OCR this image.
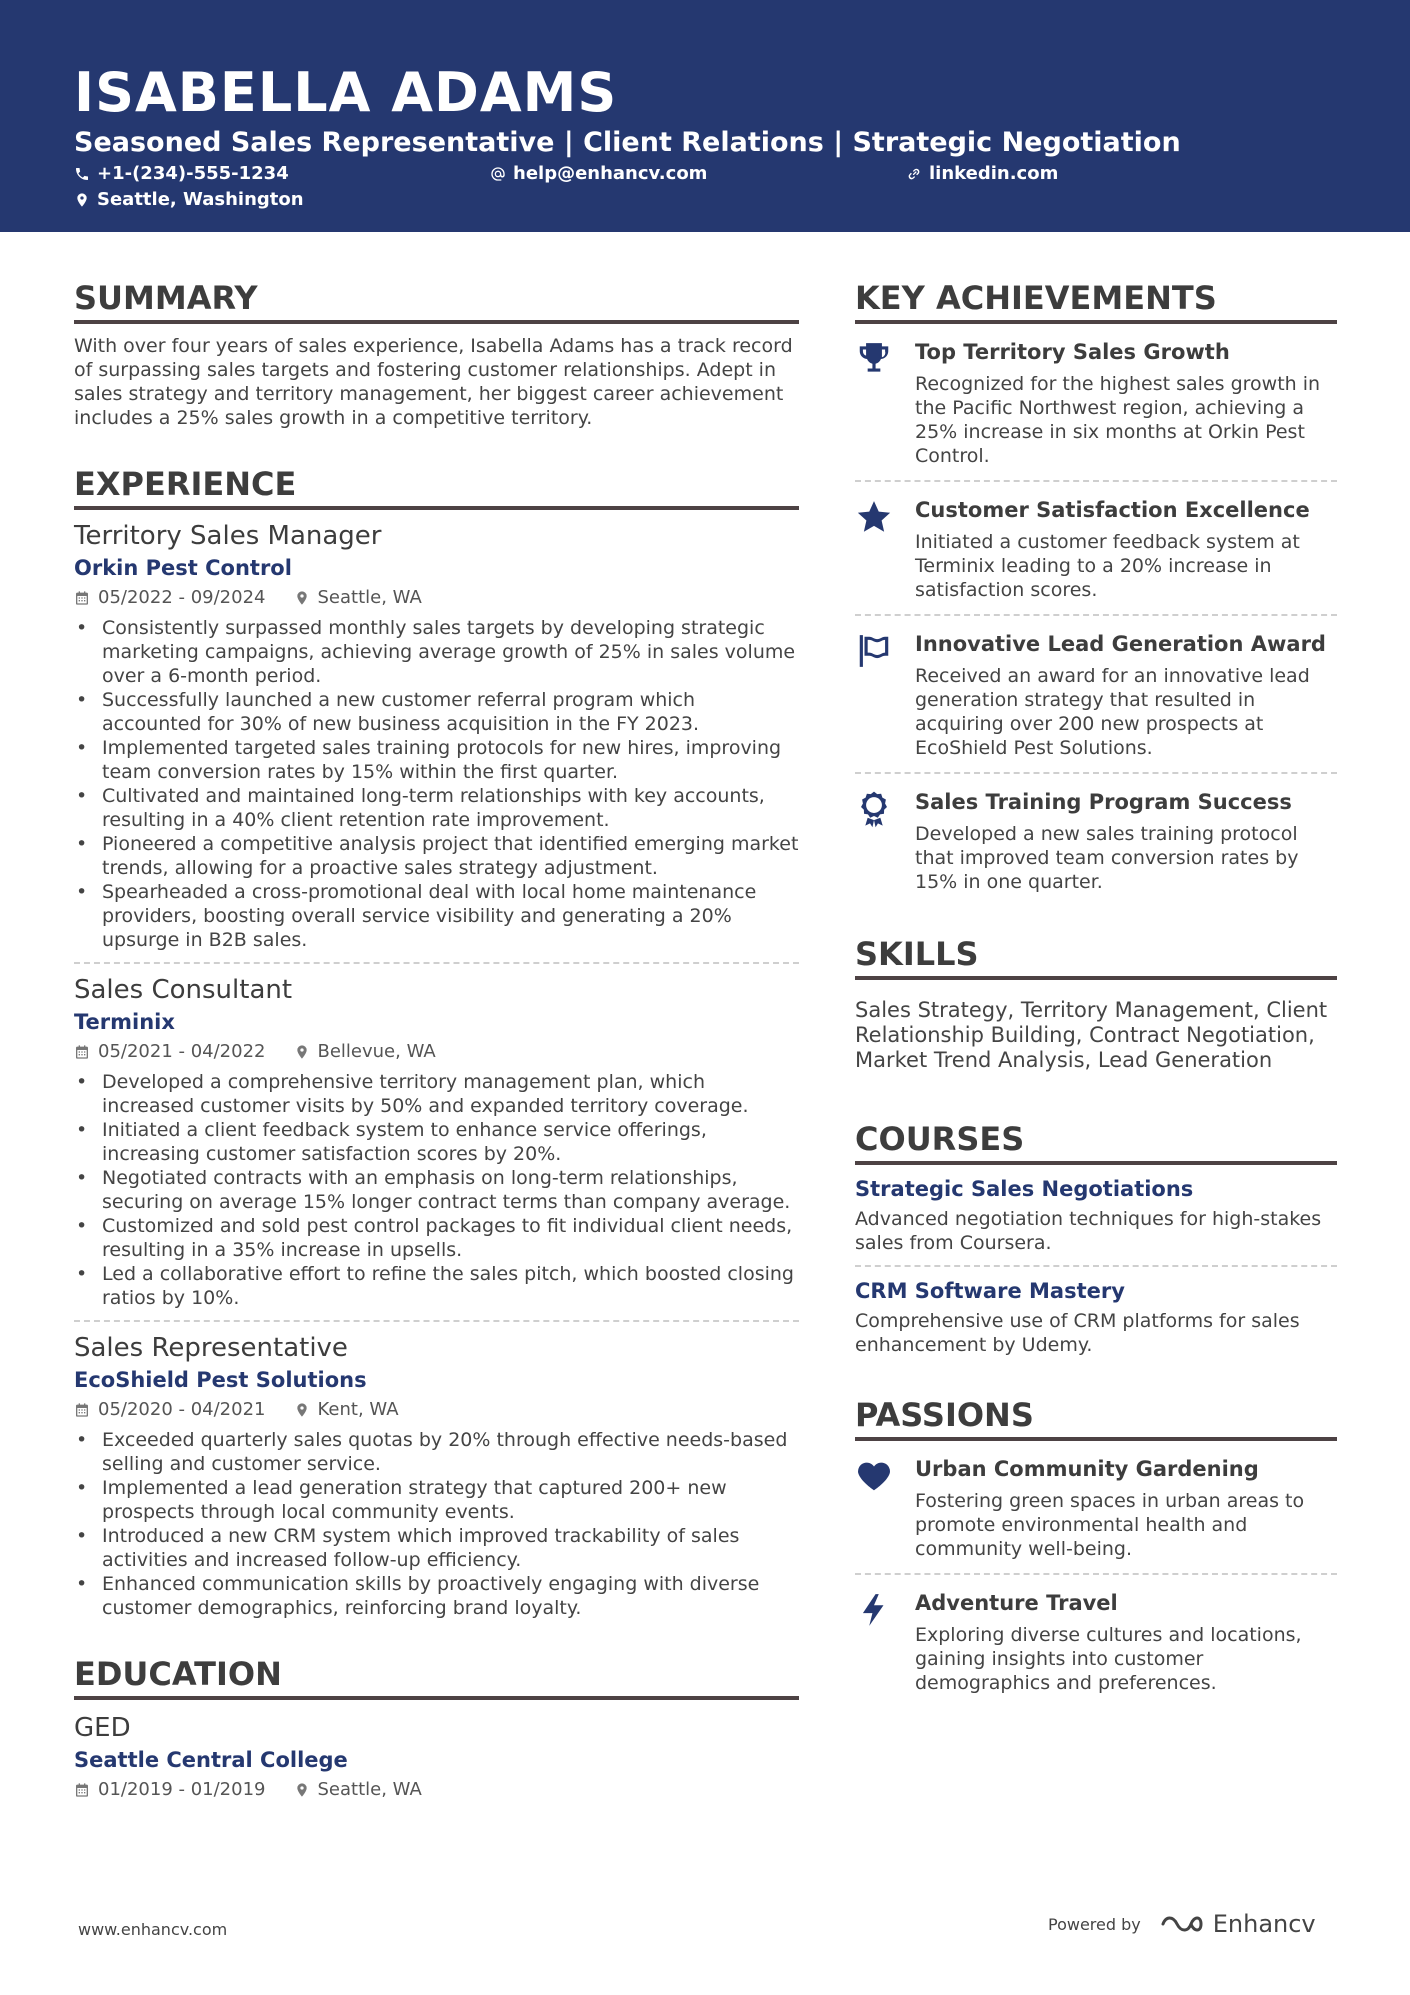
ISABELLA ADAMS
Seasoned Sales Representative | Client Relations | Strategic Negotiation
+1-(234)-555-1234	help@enhancv.com	linkedin.com
Seattle, Washington
SUMMARY
With over four years of sales experience, Isabella Adams has a track record of surpassing sales targets and fostering customer relationships. Adept in sales strategy and territory management, her biggest career achievement includes a 25% sales growth in a competitive territory.
EXPERIENCE
Territory Sales Manager
Orkin Pest Control
05/2022 - 09/2024	Seattle, WA
• Consistently surpassed monthly sales targets by developing strategic marketing campaigns, achieving average growth of 25% in sales volume over a 6-month period.
• Successfully launched a new customer referral program which accounted for 30% of new business acquisition in the FY 2023.
• Implemented targeted sales training protocols for new hires, improving team conversion rates by 15% within the first quarter.
• Cultivated and maintained long-term relationships with key accounts, resulting in a 40% client retention rate improvement.
• Pioneered a competitive analysis project that identified emerging market trends, allowing for a proactive sales strategy adjustment.
• Spearheaded a cross-promotional deal with local home maintenance providers, boosting overall service visibility and generating a 20% upsurge in B2B sales.
Sales Consultant
Terminix
05/2021 - 04/2022	Bellevue, WA
• Developed a comprehensive territory management plan, which increased customer visits by 50% and expanded territory coverage.
• Initiated a client feedback system to enhance service offerings, increasing customer satisfaction scores by 20%.
• Negotiated contracts with an emphasis on long-term relationships, securing on average 15% longer contract terms than company average.
• Customized and sold pest control packages to fit individual client needs, resulting in a 35% increase in upsells.
• Led a collaborative effort to refine the sales pitch, which boosted closing ratios by 10%.
Sales Representative
EcoShield Pest Solutions
05/2020 - 04/2021	Kent, WA
• Exceeded quarterly sales quotas by 20% through effective needs-based selling and customer service.
• Implemented a lead generation strategy that captured 200+ new prospects through local community events.
• Introduced a new CRM system which improved trackability of sales activities and increased follow-up efficiency.
• Enhanced communication skills by proactively engaging with diverse customer demographics, reinforcing brand loyalty.
EDUCATION
GED
Seattle Central College
01/2019 - 01/2019	Seattle, WA
KEY ACHIEVEMENTS
Top Territory Sales Growth
Recognized for the highest sales growth in the Pacific Northwest region, achieving a 25% increase in six months at Orkin Pest Control.
Customer Satisfaction Excellence
Initiated a customer feedback system at Terminix leading to a 20% increase in satisfaction scores.
Innovative Lead Generation Award
Received an award for an innovative lead generation strategy that resulted in acquiring over 200 new prospects at EcoShield Pest Solutions.
Sales Training Program Success
Developed a new sales training protocol that improved team conversion rates by 15% in one quarter.
SKILLS
Sales Strategy, Territory Management, Client Relationship Building, Contract Negotiation, Market Trend Analysis, Lead Generation
COURSES
Strategic Sales Negotiations
Advanced negotiation techniques for high-stakes sales from Coursera.
CRM Software Mastery
Comprehensive use of CRM platforms for sales enhancement by Udemy.
PASSIONS
Urban Community Gardening
Fostering green spaces in urban areas to promote environmental health and community well-being.
Adventure Travel
Exploring diverse cultures and locations, gaining insights into customer demographics and preferences.
www.enhancv.com	Powered by	Enhancv
